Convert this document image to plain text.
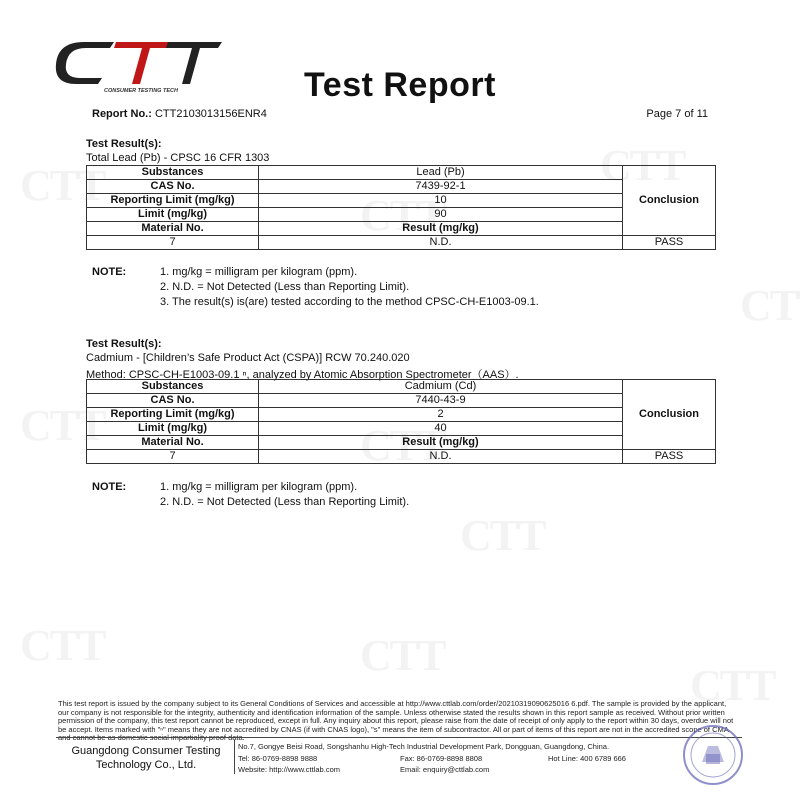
CONSUMER TESTING TECH	Test Report
Report No.: CTT2103013156ENR4	Page 7 of 11
Test Result(s):
Total Lead (Pb) - CPSC 16 CFR 1303
Substances	Lead (Pb)	Conclusion
CAS No.	7439-92-1	
Reporting Limit (mg/kg)	10	
Limit (mg/kg)	90	
Material No.	Result (mg/kg)	
7	N.D.	PASS
NOTE:	1. mg/kg = milligram per kilogram (ppm).
2. N.D. = Not Detected (Less than Reporting Limit).
3. The result(s) is(are) tested according to the method CPSC-CH-E1003-09.1.
Test Result(s):
Cadmium - [Children’s Safe Product Act (CSPA)] RCW 70.240.020
Method: CPSC-CH-E1003-09.1 ⁿ, analyzed by Atomic Absorption Spectrometer（AAS）.
Substances	Cadmium (Cd)	Conclusion
CAS No.	7440-43-9	
Reporting Limit (mg/kg)	2	
Limit (mg/kg)	40	
Material No.	Result (mg/kg)	
7	N.D.	PASS
NOTE:	1. mg/kg = milligram per kilogram (ppm).
2. N.D. = Not Detected (Less than Reporting Limit).
This test report is issued by the company subject to its General Conditions of Services and accessible at http://www.cttlab.com/order/20210319090625016 6.pdf. The sample is provided by the applicant, our company is not responsible for the integrity, authenticity and identification information of the sample. Unless otherwise stated the results shown in this report sample as received. Without prior written permission of the company, this test report cannot be reproduced, except in full. Any inquiry about this report, please raise from the date of receipt of only apply to the report within 30 days, overdue will not be accept. Items marked with "ⁿ" means they are not accredited by CNAS (if with CNAS logo), "s" means the item of subcontractor. All or part of items of this report are not in the accredited scope of CMA and cannot be as domestic social impartiality proof data.
Guangdong Consumer Testing
Technology Co., Ltd.
No.7, Gongye Beisi Road, Songshanhu High-Tech Industrial Development Park, Dongguan, Guangdong, China.
Tel: 86-0769-8898 9888	Fax: 86-0769-8898 8808	Hot Line: 400 6789 666
Website: http://www.cttlab.com	Email: enquiry@cttlab.com
